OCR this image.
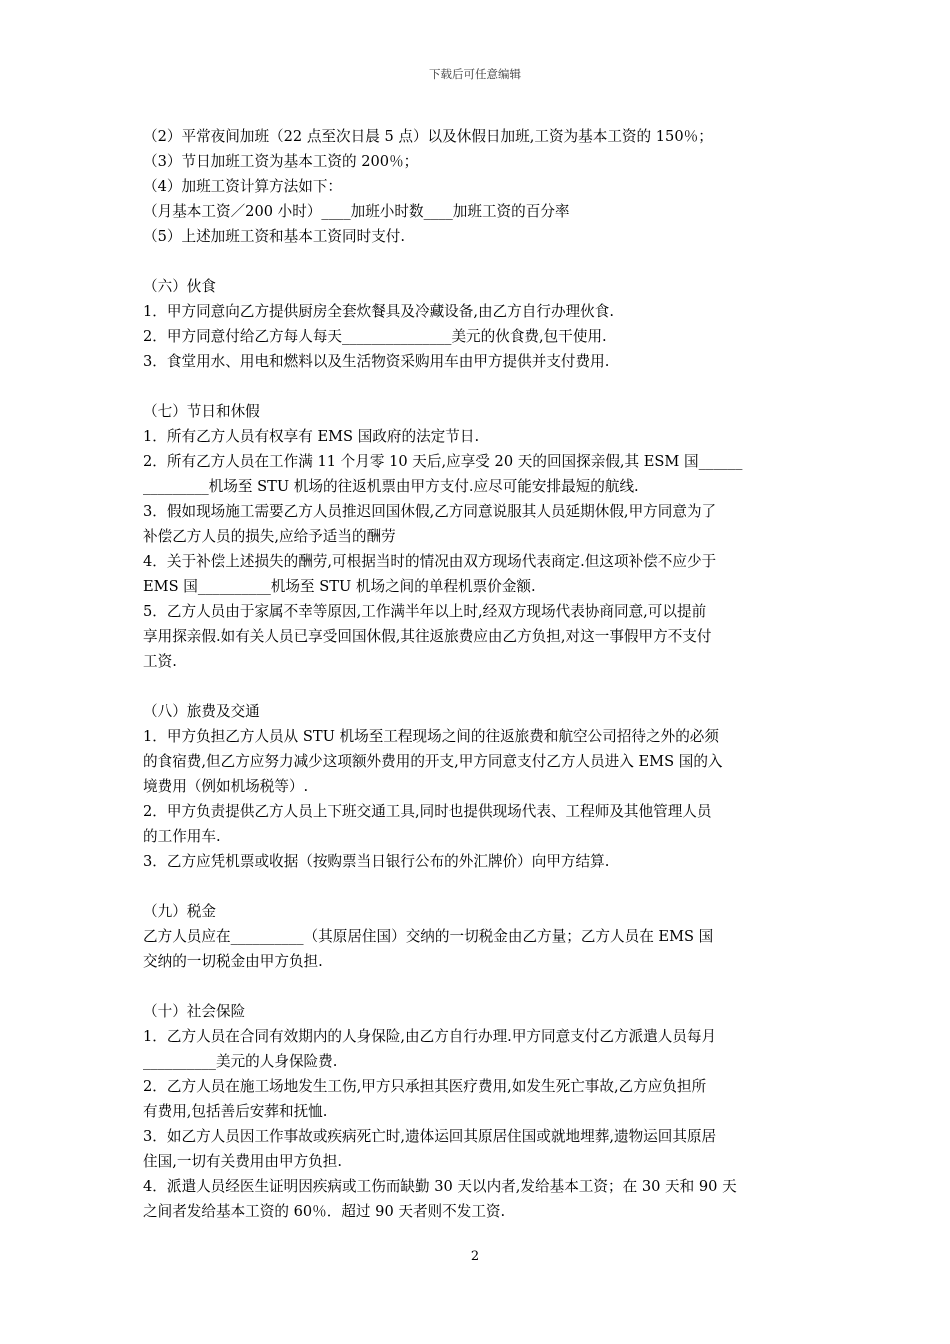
下载后可任意编辑
（2）平常夜间加班（22 点至次日晨 5 点）以及休假日加班,工资为基本工资的 150％；
（3）节日加班工资为基本工资的 200％；
（4）加班工资计算方法如下：
（月基本工资／200 小时）____加班小时数____加班工资的百分率
（5）上述加班工资和基本工资同时支付.
（六）伙食
1．甲方同意向乙方提供厨房全套炊餐具及冷藏设备,由乙方自行办理伙食.
2．甲方同意付给乙方每人每天_______________美元的伙食费,包干使用.
3．食堂用水、用电和燃料以及生活物资采购用车由甲方提供并支付费用.
（七）节日和休假
1．所有乙方人员有权享有 EMS 国政府的法定节日.
2．所有乙方人员在工作满 11 个月零 10 天后,应享受 20 天的回国探亲假,其 ESM 国______
_________机场至 STU 机场的往返机票由甲方支付.应尽可能安排最短的航线.
3．假如现场施工需要乙方人员推迟回国休假,乙方同意说服其人员延期休假,甲方同意为了
补偿乙方人员的损失,应给予适当的酬劳
4．关于补偿上述损失的酬劳,可根据当时的情况由双方现场代表商定.但这项补偿不应少于
EMS 国__________机场至 STU 机场之间的单程机票价金额.
5．乙方人员由于家属不幸等原因,工作满半年以上时,经双方现场代表协商同意,可以提前
享用探亲假.如有关人员已享受回国休假,其往返旅费应由乙方负担,对这一事假甲方不支付
工资.
（八）旅费及交通
1．甲方负担乙方人员从 STU 机场至工程现场之间的往返旅费和航空公司招待之外的必须
的食宿费,但乙方应努力减少这项额外费用的开支,甲方同意支付乙方人员进入 EMS 国的入
境费用（例如机场税等）.
2．甲方负责提供乙方人员上下班交通工具,同时也提供现场代表、工程师及其他管理人员
的工作用车.
3．乙方应凭机票或收据（按购票当日银行公布的外汇牌价）向甲方结算.
（九）税金
乙方人员应在__________（其原居住国）交纳的一切税金由乙方量；乙方人员在 EMS 国
交纳的一切税金由甲方负担.
（十）社会保险
1．乙方人员在合同有效期内的人身保险,由乙方自行办理.甲方同意支付乙方派遣人员每月
__________美元的人身保险费.
2．乙方人员在施工场地发生工伤,甲方只承担其医疗费用,如发生死亡事故,乙方应负担所
有费用,包括善后安葬和抚恤.
3．如乙方人员因工作事故或疾病死亡时,遗体运回其原居住国或就地埋葬,遗物运回其原居
住国,一切有关费用由甲方负担.
4．派遣人员经医生证明因疾病或工伤而缺勤 30 天以内者,发给基本工资；在 30 天和 90 天
之间者发给基本工资的 60％．超过 90 天者则不发工资.
2
